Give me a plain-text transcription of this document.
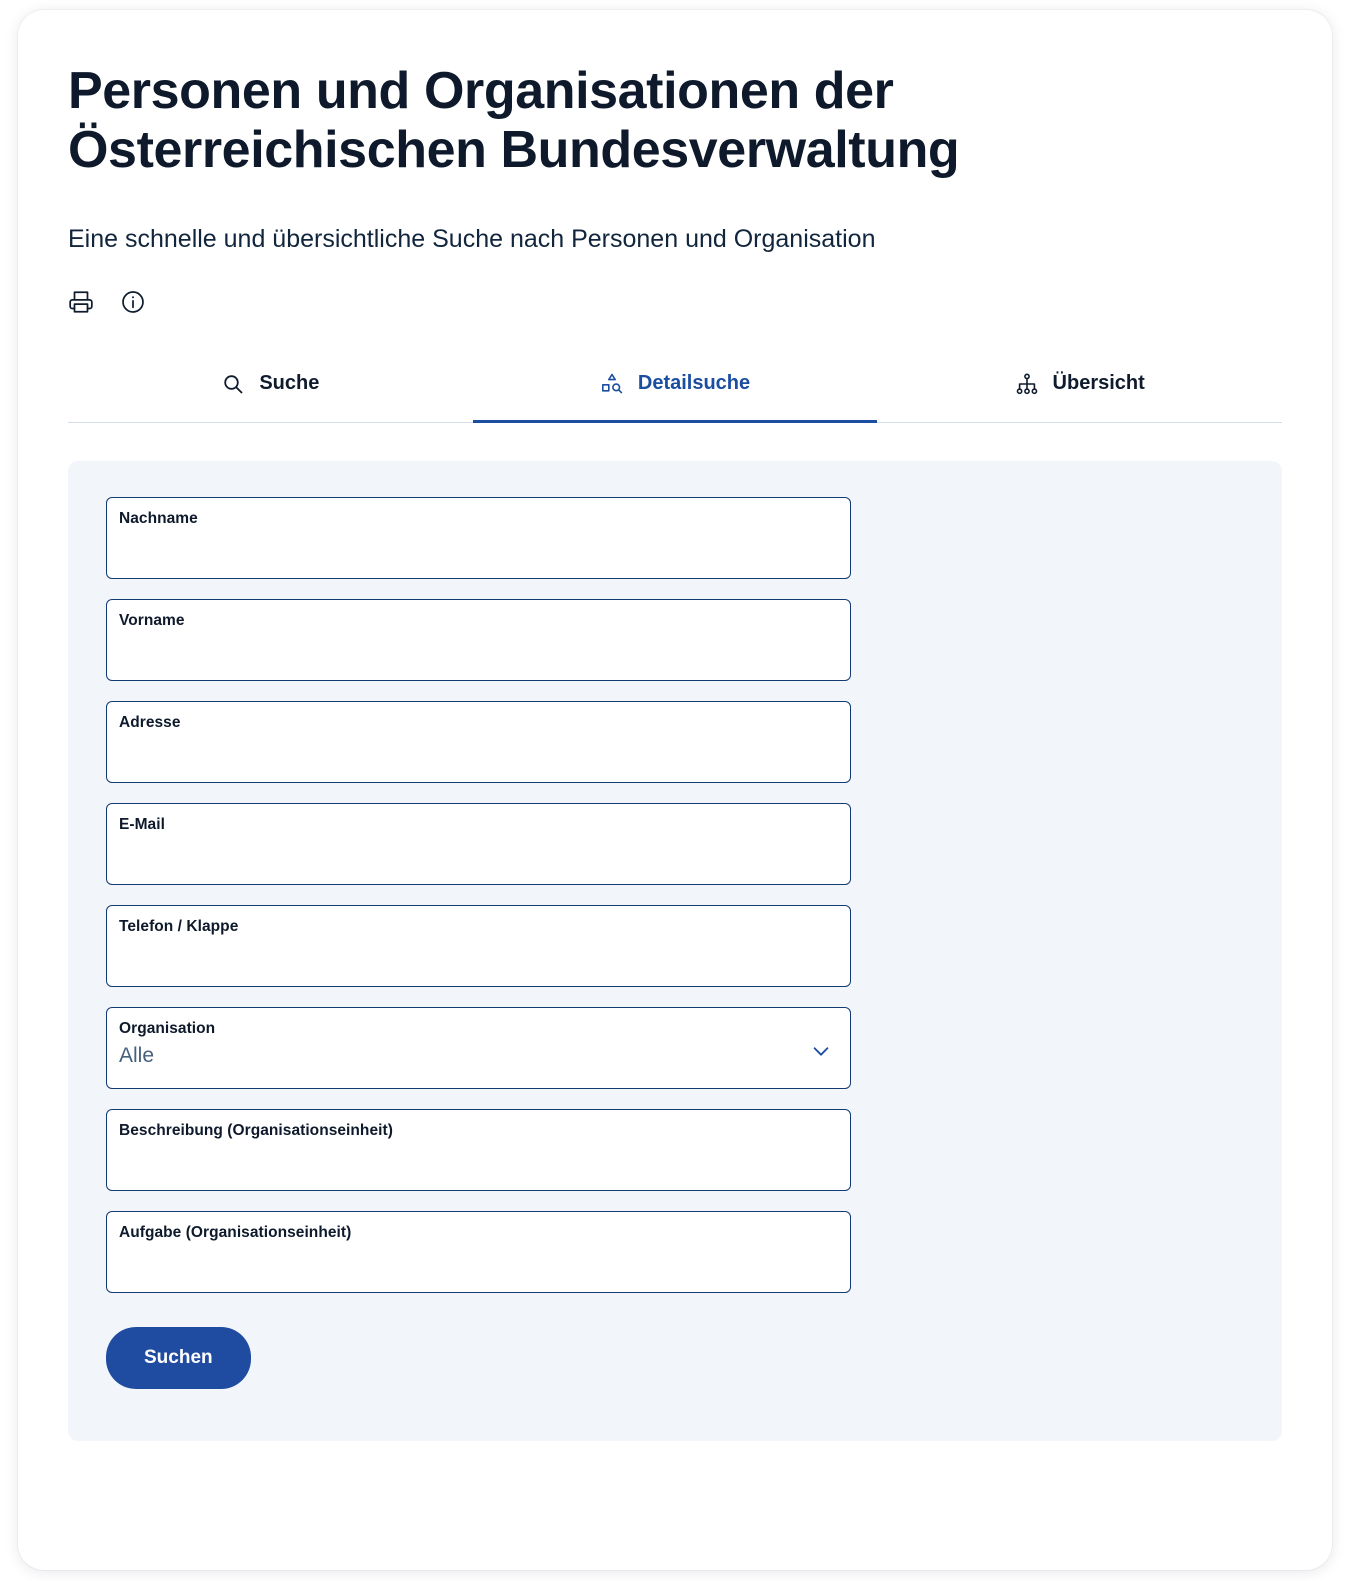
Personen und Organisationen der Österreichischen Bundesverwaltung

Eine schnelle und übersichtliche Suche nach Personen und Organisation

Suche	Detailsuche	Übersicht
Nachname
Vorname
Adresse
E-Mail
Telefon / Klappe
Organisation
Alle
Beschreibung (Organisationseinheit)
Aufgabe (Organisationseinheit)
Suchen
